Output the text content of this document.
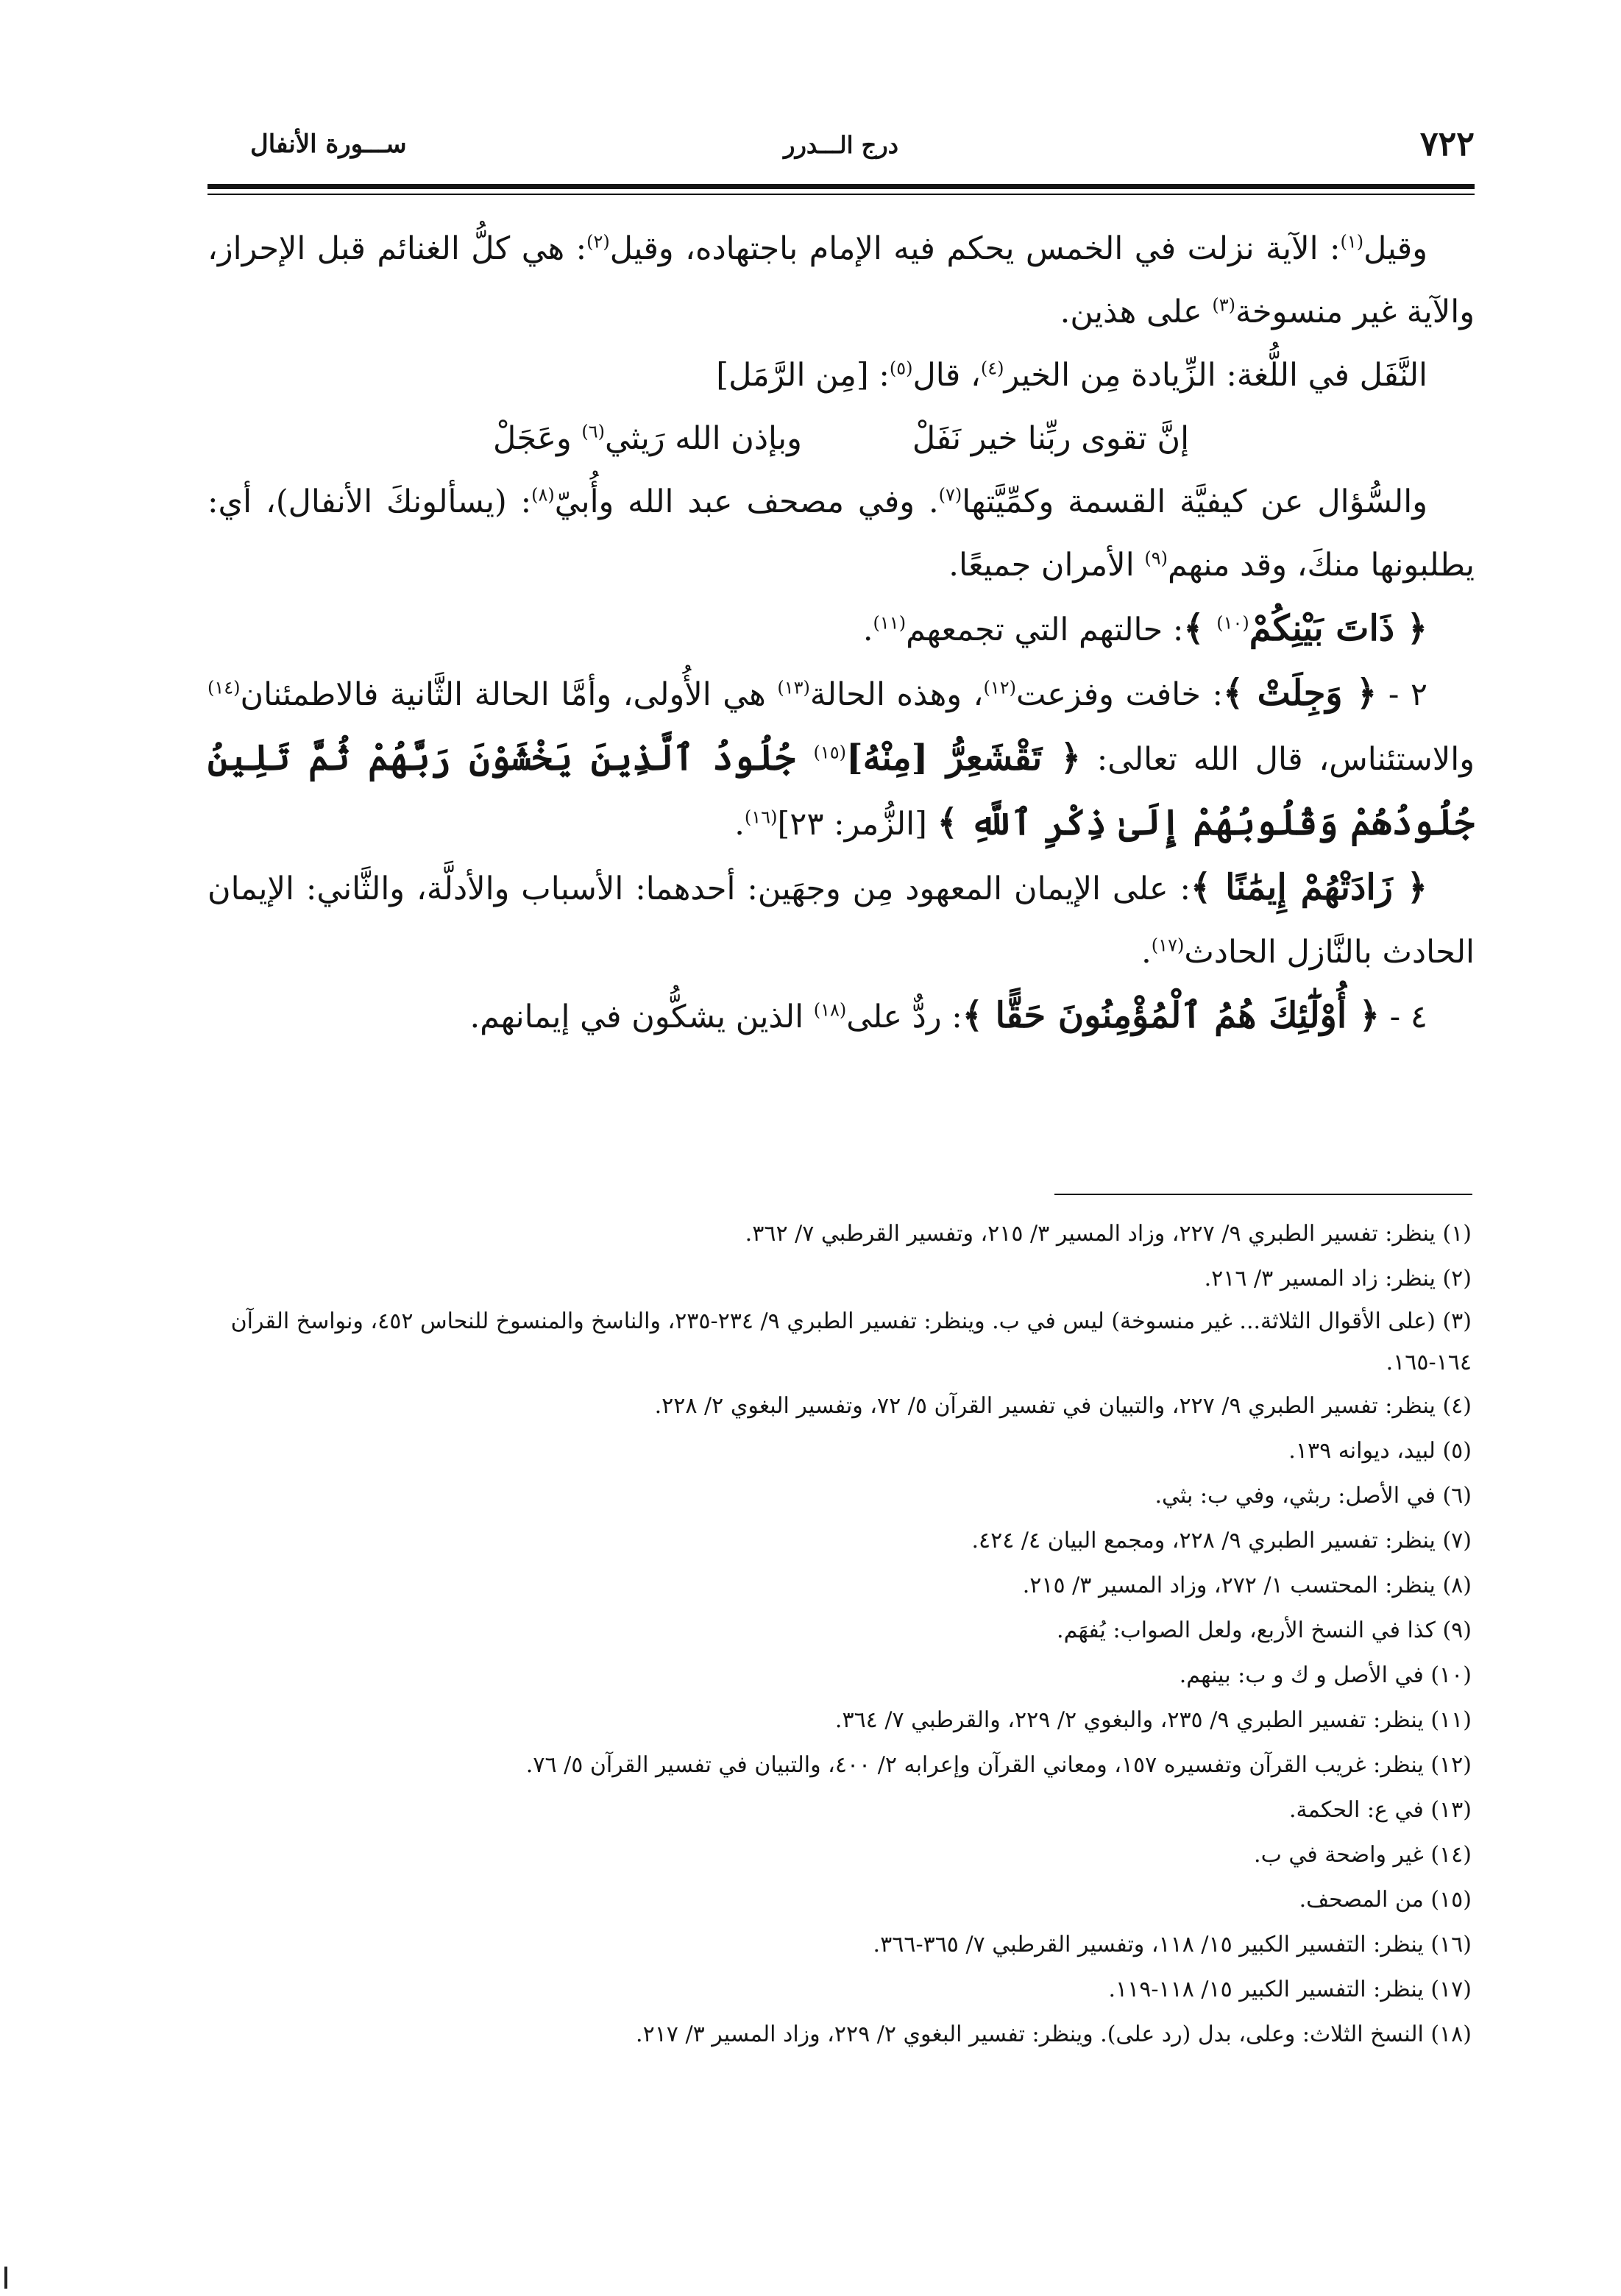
٧٢٢
درج الـــدرر
ســـورة الأنفال

وقيل$^{(١)}$: الآية نزلت في الخمس يحكم فيه الإمام باجتهاده، وقيل$^{(٢)}$: هي كلُّ الغنائم قبل الإحراز، والآية غير منسوخة$^{(٣)}$ على هذين.

النَّفَل في اللُّغة: الزِّيادة مِن الخير$^{(٤)}$، قال$^{(٥)}$: [مِن الرَّمَل]

إنَّ تقوى ربِّنا خير نَفَلْ
وبإذن الله رَيثي$^{(٦)}$ وعَجَلْ

والسُّؤال عن كيفيَّة القسمة وكمِّيَّتها$^{(٧)}$. وفي مصحف عبد الله وأُبيّ$^{(٨)}$: (يسألونكَ الأنفال)، أي: يطلبونها منكَ، وقد منهم$^{(٩)}$ الأمران جميعًا.

﴿ ذَاتَ بَيْنِكُمْ$^{(١٠)}$ ﴾: حالتهم التي تجمعهم$^{(١١)}$.

٢ - ﴿ وَجِلَتْ ﴾: خافت وفزعت$^{(١٢)}$، وهذه الحالة$^{(١٣)}$ هي الأُولى، وأمَّا الحالة الثَّانية فالاطمئنان$^{(١٤)}$ والاستئناس، قال الله تعالى: ﴿ تَقْشَعِرُّ [مِنْهُ]$^{(١٥)}$ جُلُودُ ٱلَّذِينَ يَخْشَوْنَ رَبَّهُمْ ثُمَّ تَلِينُ جُلُودُهُمْ وَقُلُوبُهُمْ إِلَىٰ ذِكْرِ ٱللَّهِ ﴾ [الزُّمر: ٢٣]$^{(١٦)}$.

﴿ زَادَتْهُمْ إِيمَٰنًا ﴾: على الإيمان المعهود مِن وجهَين: أحدهما: الأسباب والأدلَّة، والثَّاني: الإيمان الحادث بالنَّازل الحادث$^{(١٧)}$.

٤ - ﴿ أُوْلَٰٓئِكَ هُمُ ٱلْمُؤْمِنُونَ حَقًّا ﴾: ردٌّ على$^{(١٨)}$ الذين يشكُّون في إيمانهم.

(١) ينظر: تفسير الطبري ٩/ ٢٢٧، وزاد المسير ٣/ ٢١٥، وتفسير القرطبي ٧/ ٣٦٢.
(٢) ينظر: زاد المسير ٣/ ٢١٦.
(٣) (على الأقوال الثلاثة... غير منسوخة) ليس في ب. وينظر: تفسير الطبري ٩/ ٢٣٤-٢٣٥، والناسخ والمنسوخ للنحاس ٤٥٢، ونواسخ القرآن ١٦٤-١٦٥.
(٤) ينظر: تفسير الطبري ٩/ ٢٢٧، والتبيان في تفسير القرآن ٥/ ٧٢، وتفسير البغوي ٢/ ٢٢٨.
(٥) لبيد، ديوانه ١٣٩.
(٦) في الأصل: ربثي، وفي ب: بثي.
(٧) ينظر: تفسير الطبري ٩/ ٢٢٨، ومجمع البيان ٤/ ٤٢٤.
(٨) ينظر: المحتسب ١/ ٢٧٢، وزاد المسير ٣/ ٢١٥.
(٩) كذا في النسخ الأربع، ولعل الصواب: يُفهَم.
(١٠) في الأصل و ك و ب: بينهم.
(١١) ينظر: تفسير الطبري ٩/ ٢٣٥، والبغوي ٢/ ٢٢٩، والقرطبي ٧/ ٣٦٤.
(١٢) ينظر: غريب القرآن وتفسيره ١٥٧، ومعاني القرآن وإعرابه ٢/ ٤٠٠، والتبيان في تفسير القرآن ٥/ ٧٦.
(١٣) في ع: الحكمة.
(١٤) غير واضحة في ب.
(١٥) من المصحف.
(١٦) ينظر: التفسير الكبير ١٥/ ١١٨، وتفسير القرطبي ٧/ ٣٦٥-٣٦٦.
(١٧) ينظر: التفسير الكبير ١٥/ ١١٨-١١٩.
(١٨) النسخ الثلاث: وعلى، بدل (رد على). وينظر: تفسير البغوي ٢/ ٢٢٩، وزاد المسير ٣/ ٢١٧.
